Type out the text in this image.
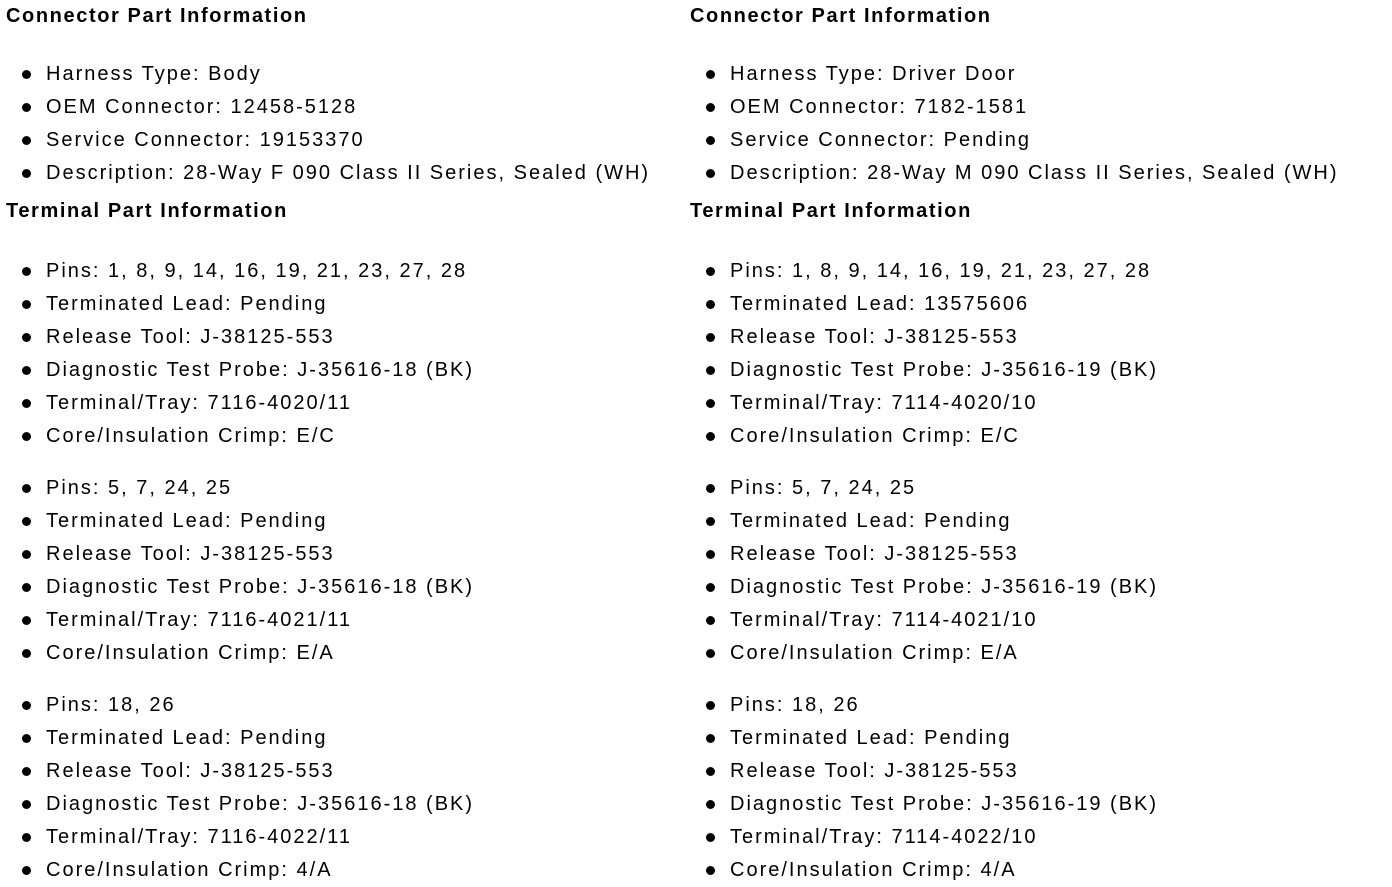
Connector Part Information
Harness Type: Body
OEM Connector: 12458-5128
Service Connector: 19153370
Description: 28-Way F 090 Class II Series, Sealed (WH)
Terminal Part Information
Pins: 1, 8, 9, 14, 16, 19, 21, 23, 27, 28
Terminated Lead: Pending
Release Tool: J-38125-553
Diagnostic Test Probe: J-35616-18 (BK)
Terminal/Tray: 7116-4020/11
Core/Insulation Crimp: E/C
Pins: 5, 7, 24, 25
Terminated Lead: Pending
Release Tool: J-38125-553
Diagnostic Test Probe: J-35616-18 (BK)
Terminal/Tray: 7116-4021/11
Core/Insulation Crimp: E/A
Pins: 18, 26
Terminated Lead: Pending
Release Tool: J-38125-553
Diagnostic Test Probe: J-35616-18 (BK)
Terminal/Tray: 7116-4022/11
Core/Insulation Crimp: 4/A
Connector Part Information
Harness Type: Driver Door
OEM Connector: 7182-1581
Service Connector: Pending
Description: 28-Way M 090 Class II Series, Sealed (WH)
Terminal Part Information
Pins: 1, 8, 9, 14, 16, 19, 21, 23, 27, 28
Terminated Lead: 13575606
Release Tool: J-38125-553
Diagnostic Test Probe: J-35616-19 (BK)
Terminal/Tray: 7114-4020/10
Core/Insulation Crimp: E/C
Pins: 5, 7, 24, 25
Terminated Lead: Pending
Release Tool: J-38125-553
Diagnostic Test Probe: J-35616-19 (BK)
Terminal/Tray: 7114-4021/10
Core/Insulation Crimp: E/A
Pins: 18, 26
Terminated Lead: Pending
Release Tool: J-38125-553
Diagnostic Test Probe: J-35616-19 (BK)
Terminal/Tray: 7114-4022/10
Core/Insulation Crimp: 4/A
